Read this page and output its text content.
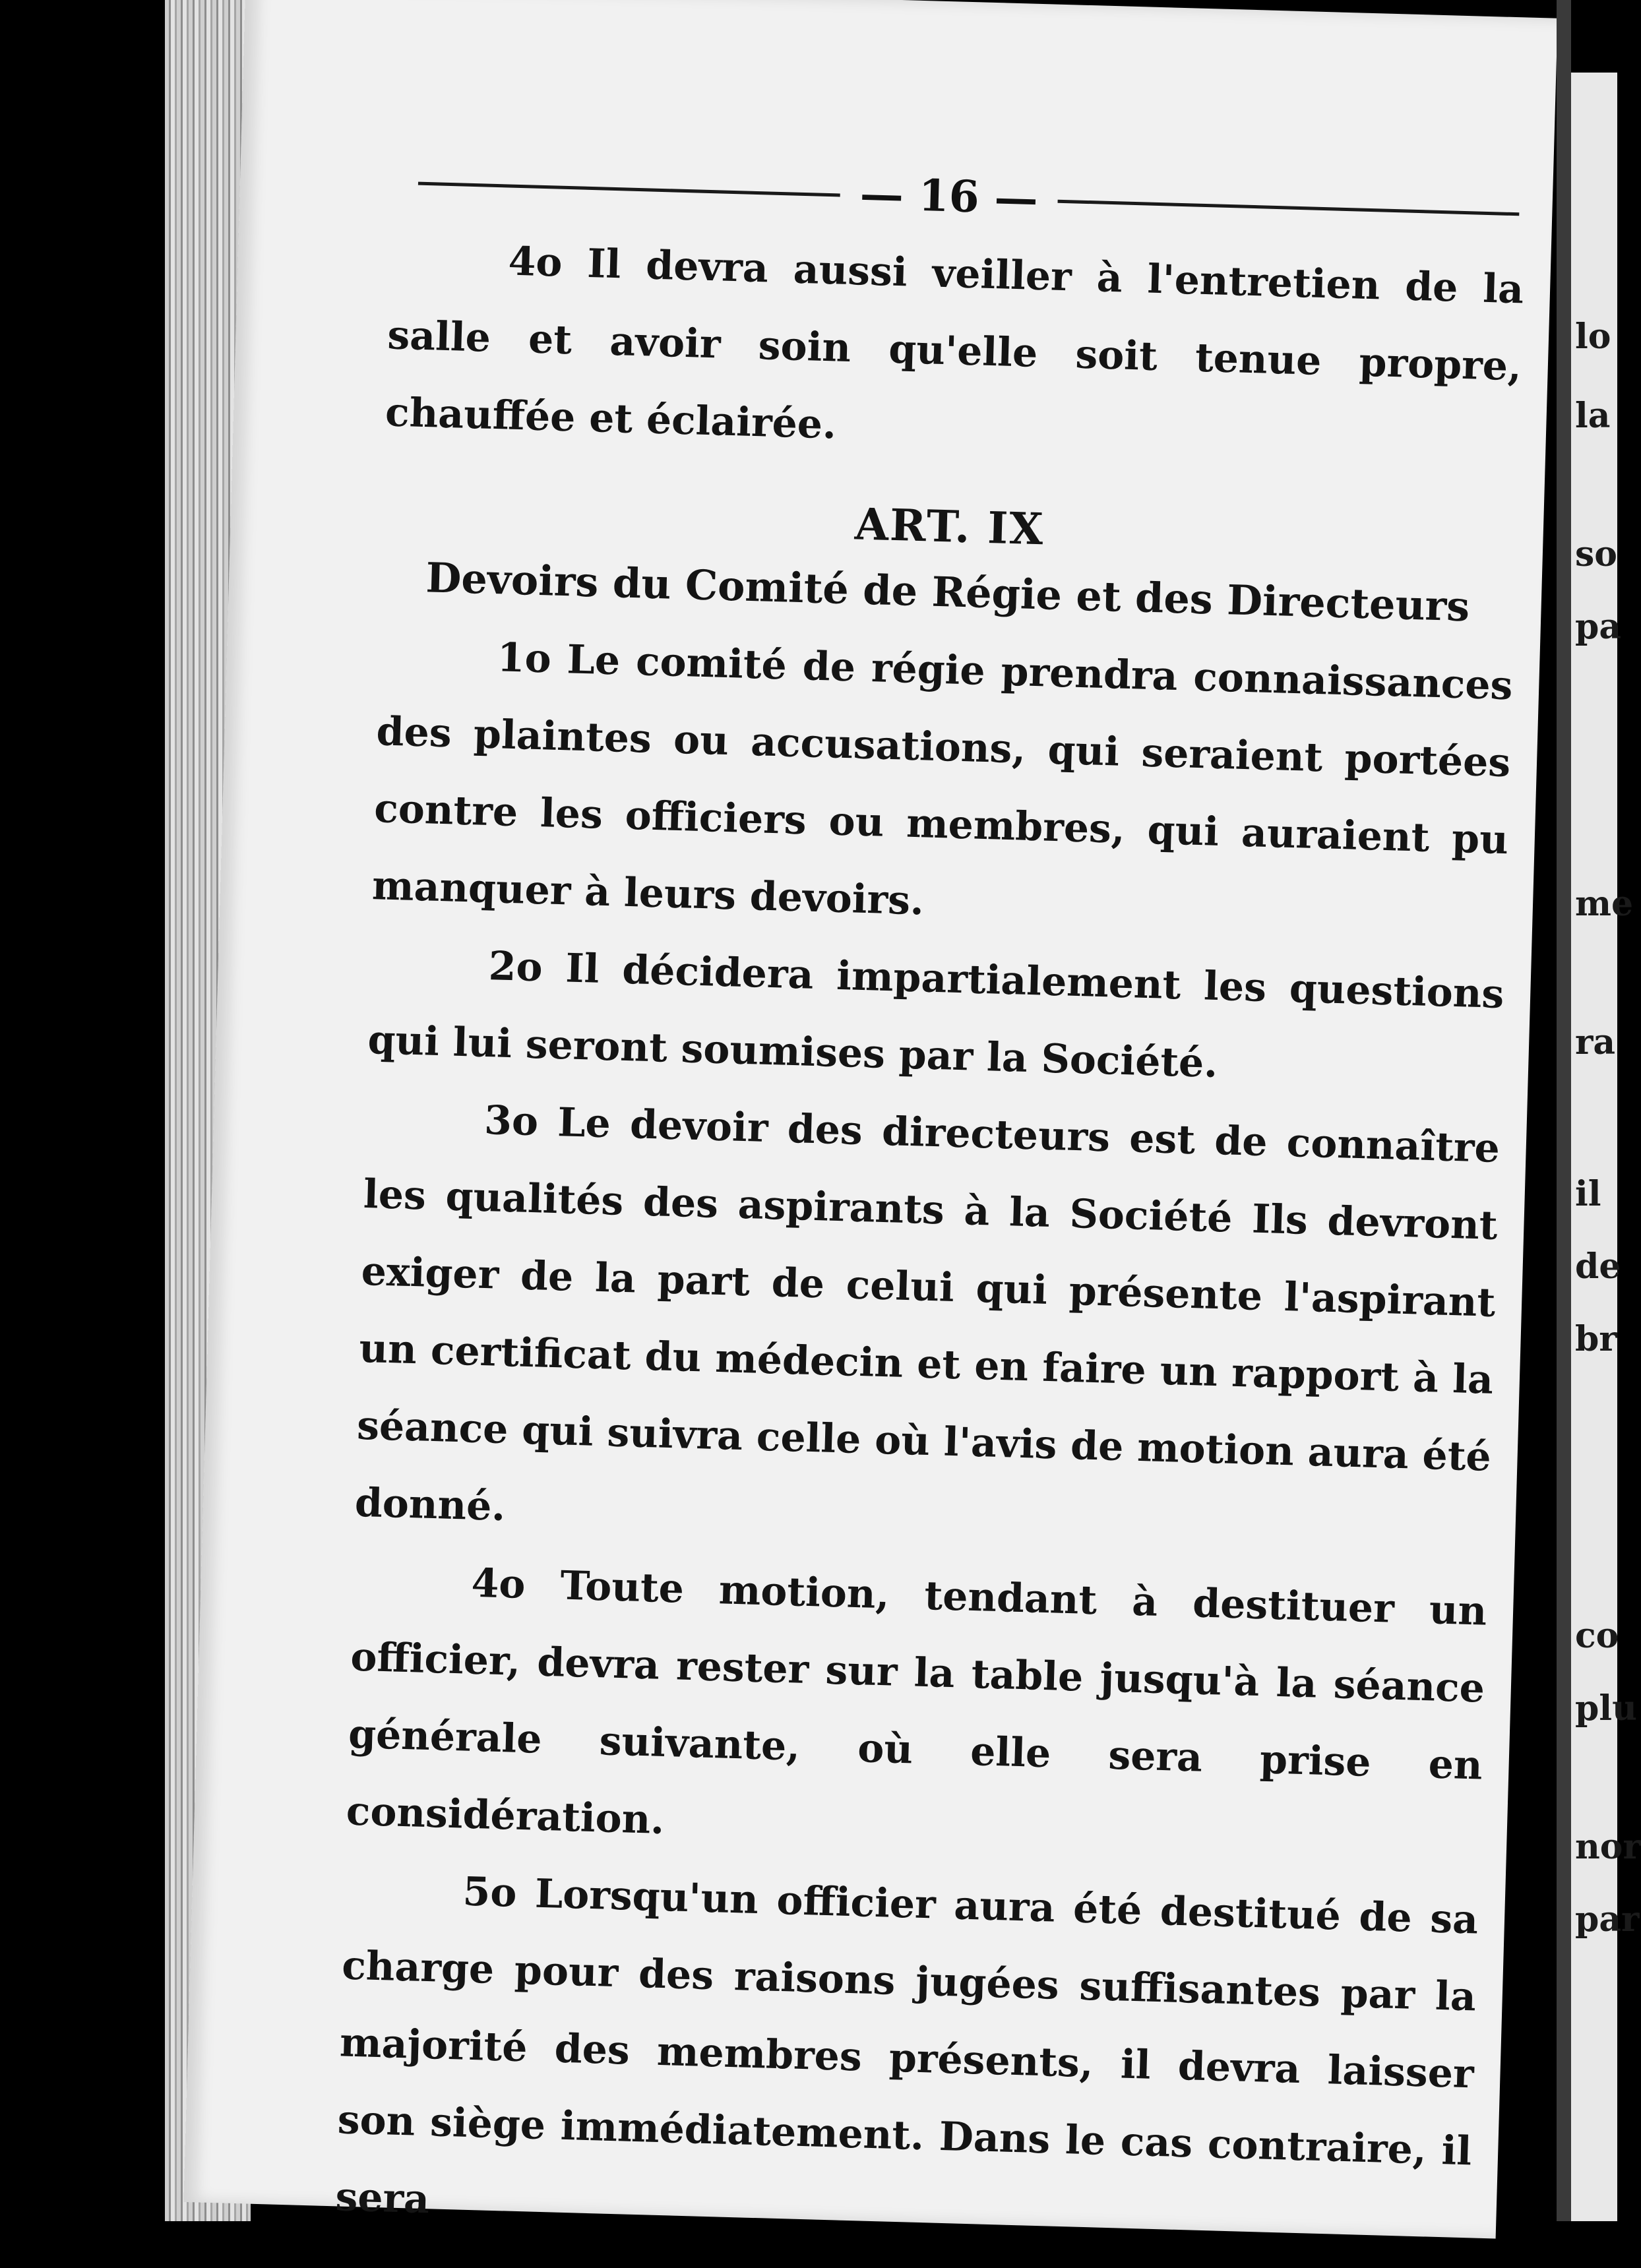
— 16 —

4o Il devra aussi veiller à l'entretien de la salle et avoir soin qu'elle soit tenue propre, chauffée et éclairée.

ART. IX
Devoirs du Comité de Régie et des Directeurs

1o Le comité de régie prendra connaissances des plaintes ou accusations, qui seraient portées contre les officiers ou membres, qui auraient pu manquer à leurs devoirs.

2o Il décidera impartialement les questions qui lui seront soumises par la Société.

3o Le devoir des directeurs est de connaître les qualités des aspirants à la Société Ils devront exiger de la part de celui qui présente l'aspirant un certificat du médecin et en faire un rapport à la séance qui suivra celle où l'avis de motion aura été donné.

4o Toute motion, tendant à destituer un officier, devra rester sur la table jusqu'à la séance générale suivante, où elle sera prise en considération.

5o Lorsqu'un officier aura été destitué de sa charge pour des raisons jugées suffisantes par la majorité des membres présents, il devra laisser son siège immédiatement. Dans le cas contraire, il sera

lo
la
so
pa
me
ra
il
de
br
co
plu
nor
par
